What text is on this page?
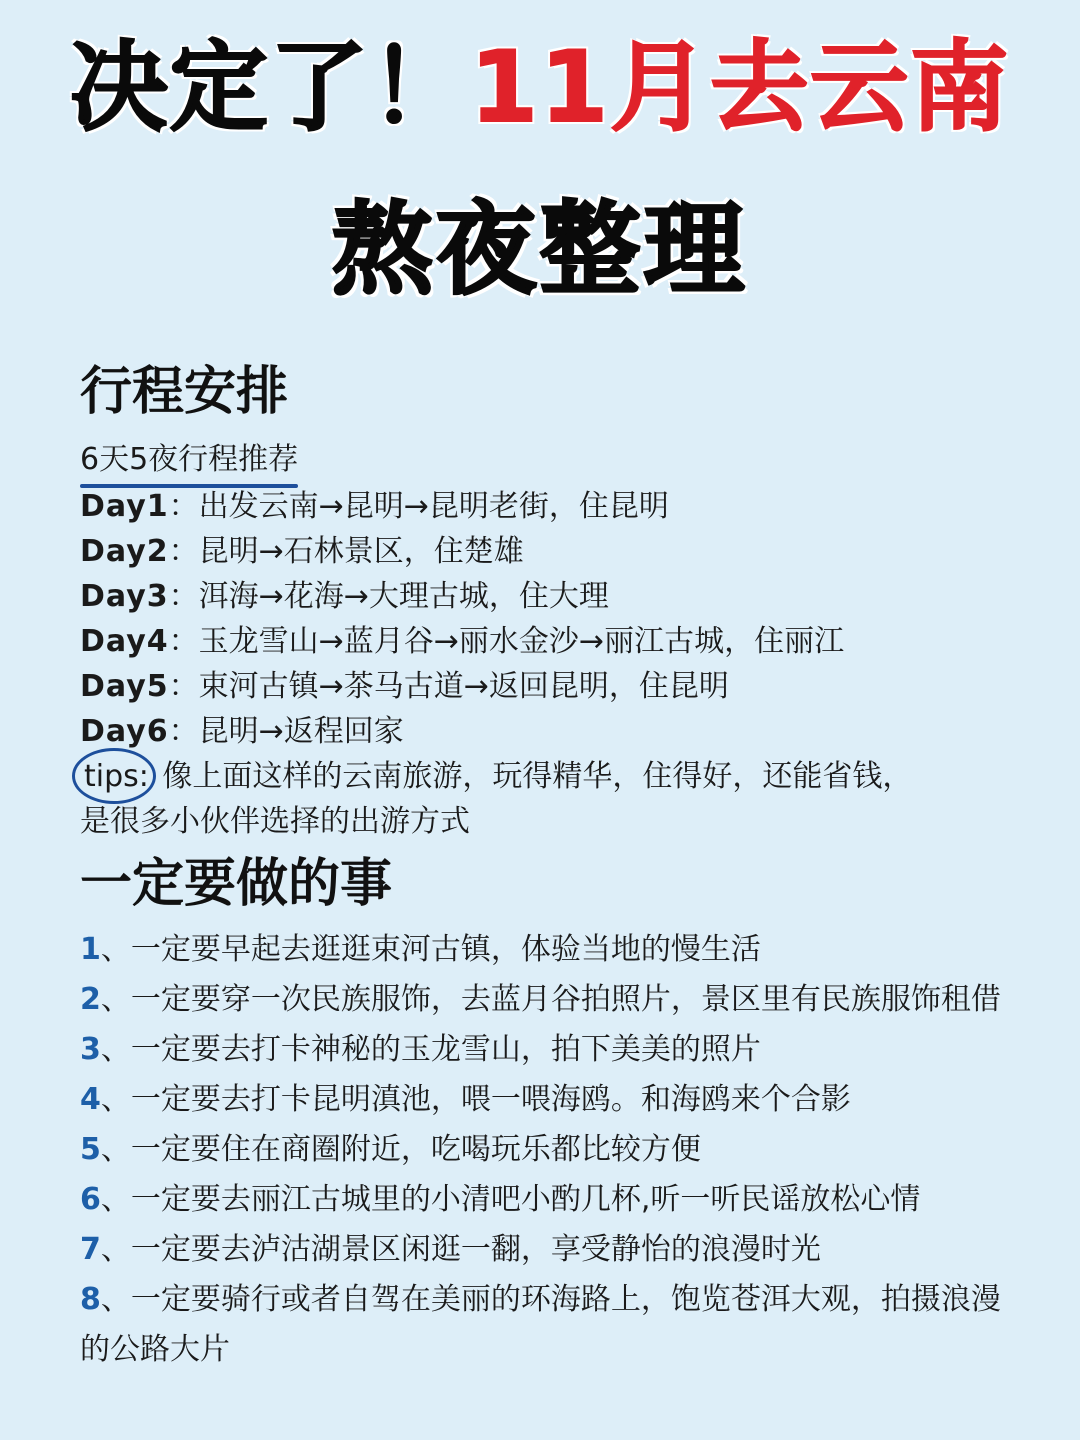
决定了！11月去云南
熬夜整理
行程安排
6天5夜行程推荐
Day1：出发云南→昆明→昆明老街，住昆明
Day2：昆明→石林景区，住楚雄
Day3：洱海→花海→大理古城，住大理
Day4：玉龙雪山→蓝月谷→丽水金沙→丽江古城，住丽江
Day5：束河古镇→茶马古道→返回昆明，住昆明
Day6：昆明→返程回家
tips: 像上面这样的云南旅游，玩得精华，住得好，还能省钱，
是很多小伙伴选择的出游方式
一定要做的事
1、一定要早起去逛逛束河古镇，体验当地的慢生活
2、一定要穿一次民族服饰，去蓝月谷拍照片，景区里有民族服饰租借
3、一定要去打卡神秘的玉龙雪山，拍下美美的照片
4、一定要去打卡昆明滇池，喂一喂海鸥。和海鸥来个合影
5、一定要住在商圈附近，吃喝玩乐都比较方便
6、一定要去丽江古城里的小清吧小酌几杯,听一听民谣放松心情
7、一定要去泸沽湖景区闲逛一翻，享受静怡的浪漫时光
8、一定要骑行或者自驾在美丽的环海路上，饱览苍洱大观，拍摄浪漫的公路大片
